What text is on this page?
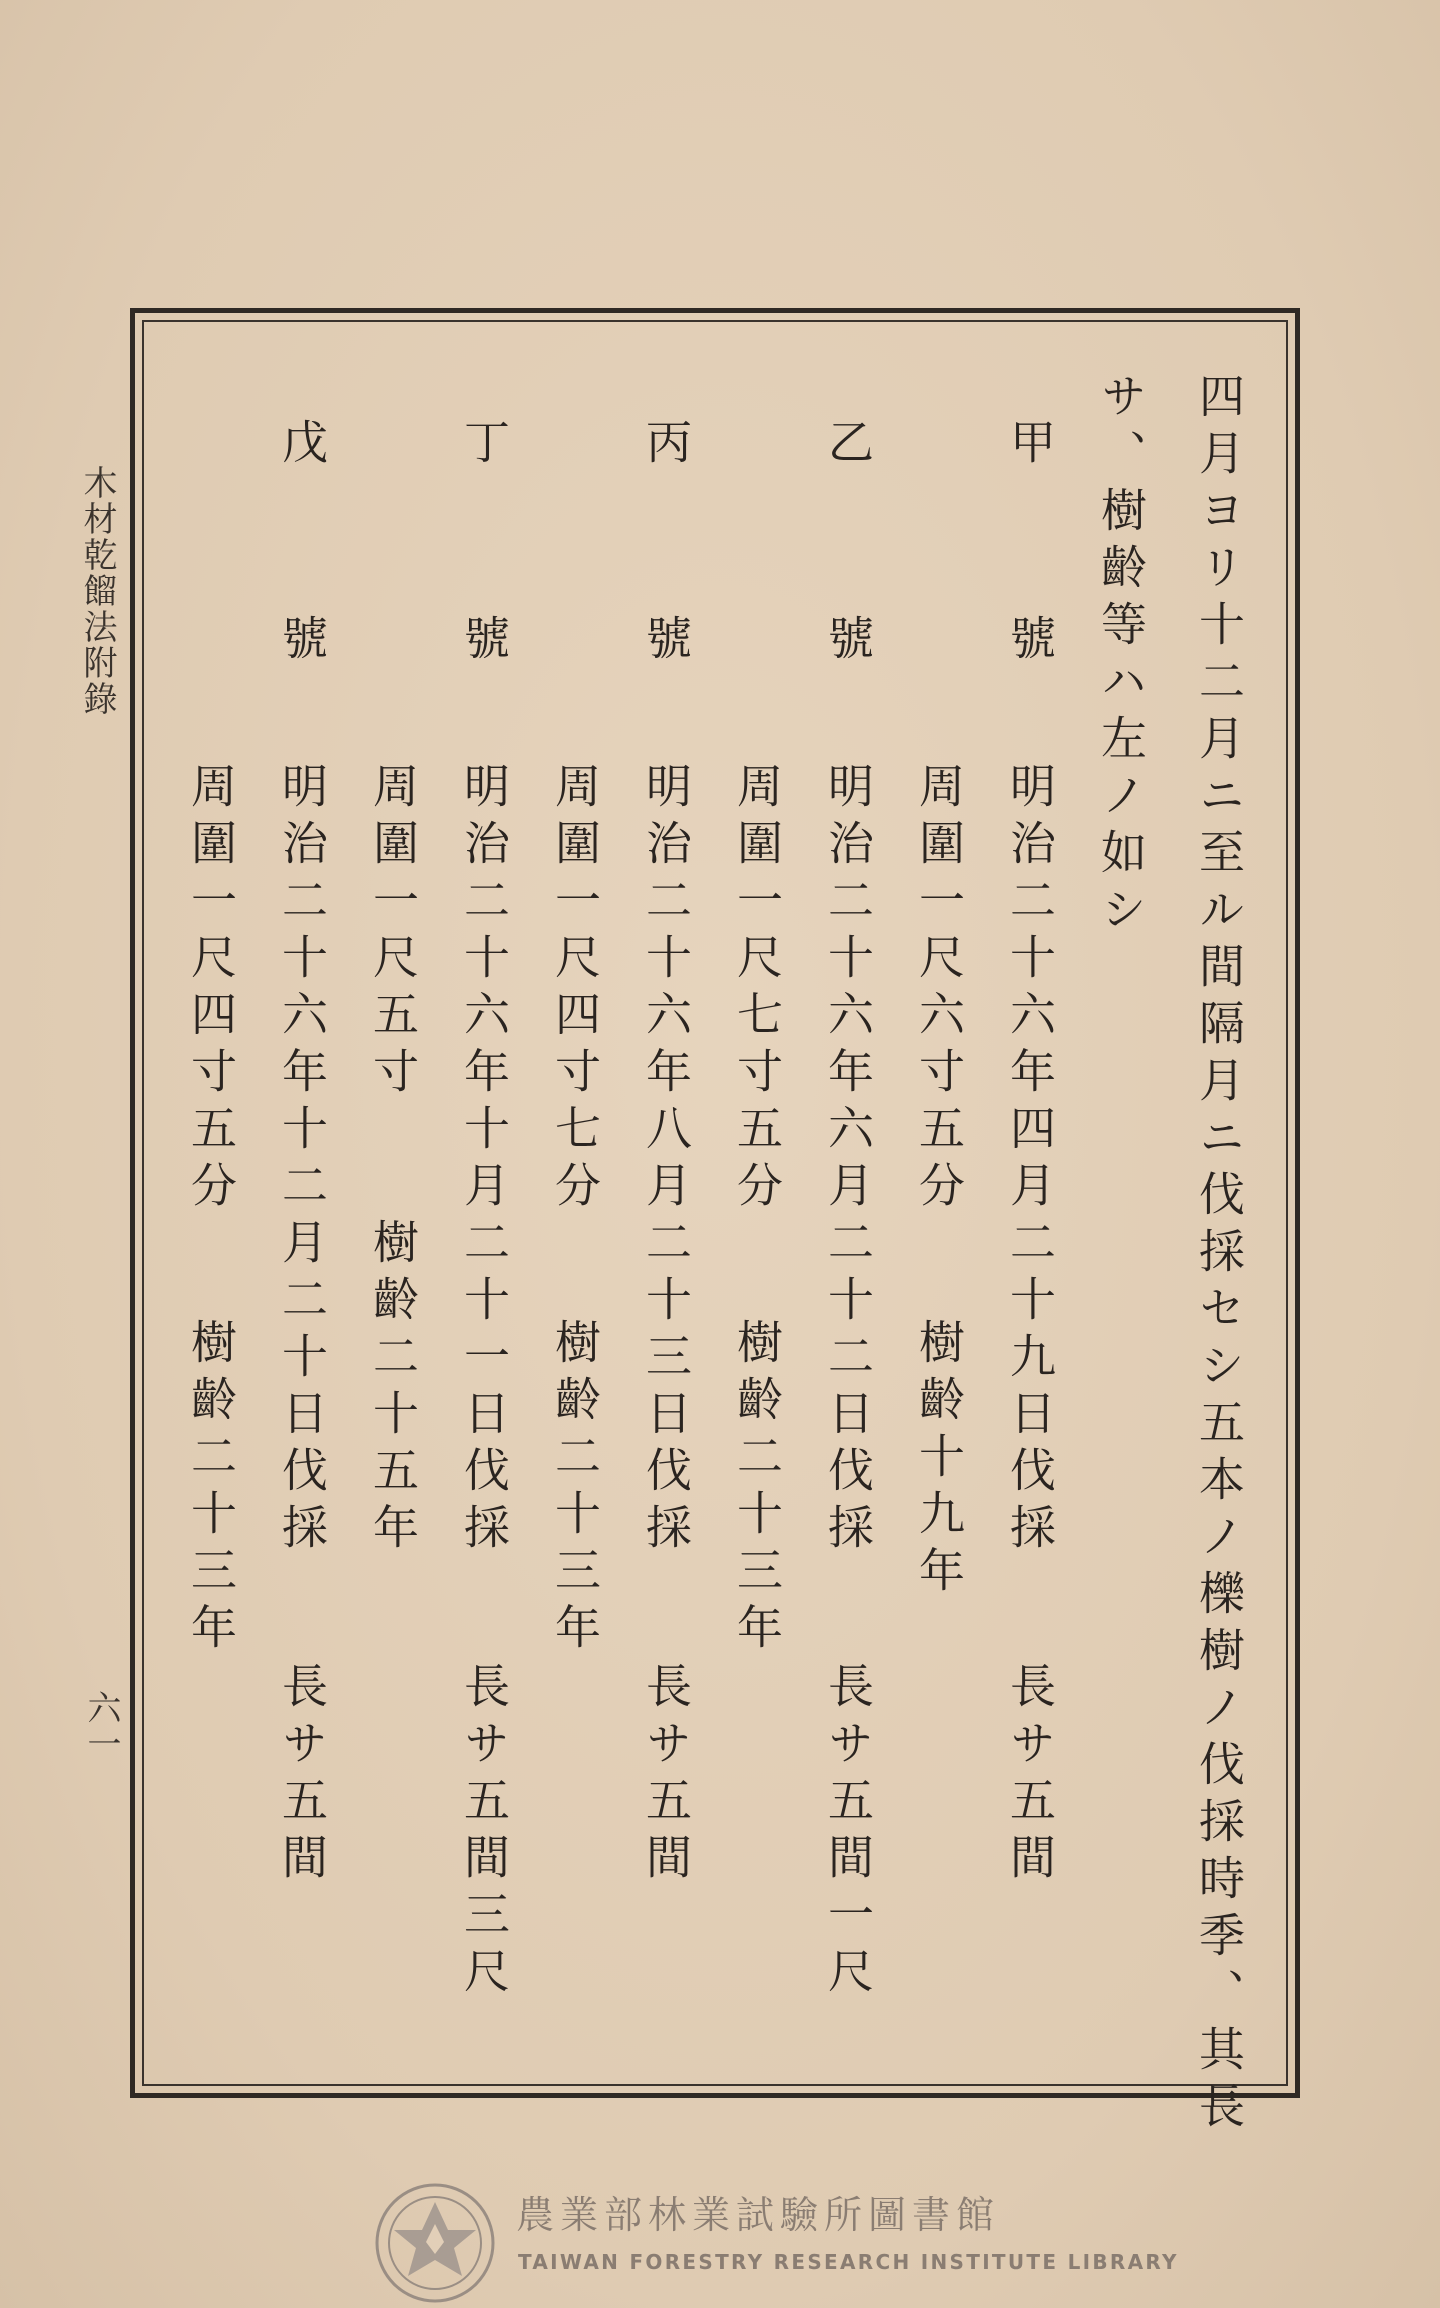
木材乾餾法附錄	四月ヨリ十二月ニ至ル間隔月ニ伐採セシ五本ノ櫟樹ノ伐採時季、其長
サ、樹齡等ハ左ノ如シ
甲　號
明治二十六年四月二十九日伐採
長サ五間
周圍一尺六寸五分
樹齡十九年
乙　號
明治二十六年六月二十二日伐採
長サ五間一尺
周圍一尺七寸五分
樹齡二十三年
丙　號
明治二十六年八月二十三日伐採
長サ五間
周圍一尺四寸七分
樹齡二十三年
丁　號
明治二十六年十月二十一日伐採
長サ五間三尺
周圍一尺五寸
樹齡二十五年
戊　號
明治二十六年十二月二十日伐採
長サ五間
周圍一尺四寸五分
樹齡二十三年
六一
農業部林業試驗所圖書館
TAIWAN FORESTRY RESEARCH INSTITUTE LIBRARY
